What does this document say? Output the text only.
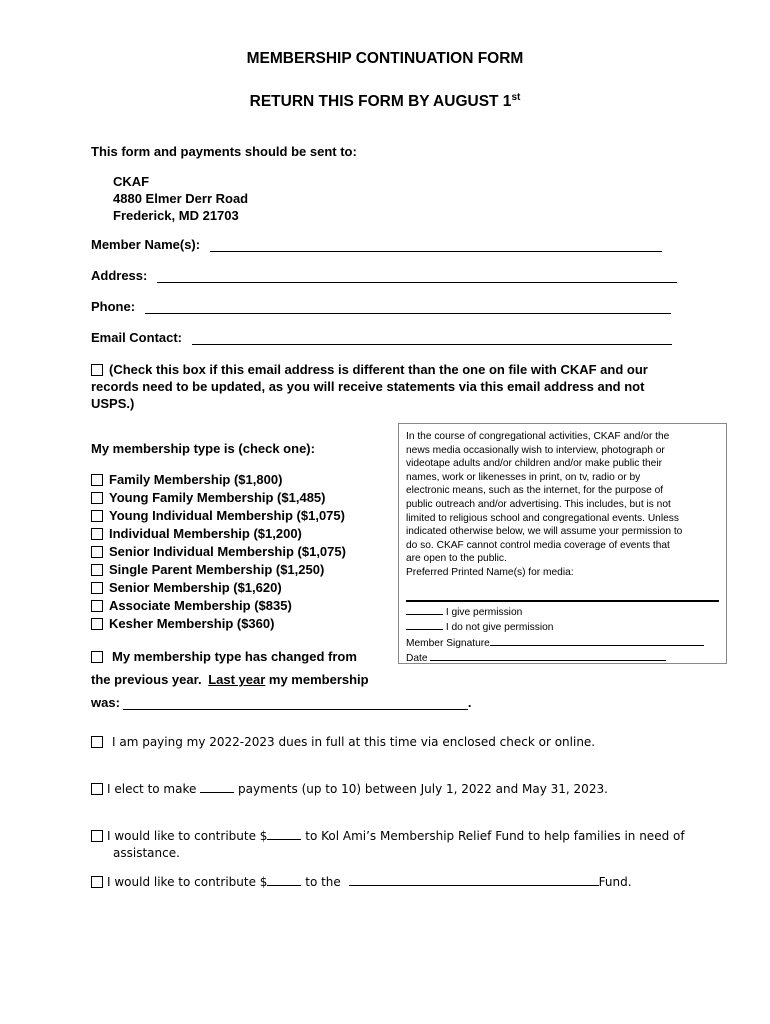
MEMBERSHIP CONTINUATION FORM
RETURN THIS FORM BY AUGUST 1st
This form and payments should be sent to:
CKAF
4880 Elmer Derr Road
Frederick, MD 21703
Member Name(s):
Address:
Phone:
Email Contact:
(Check this box if this email address is different than the one on file with CKAF and our
records need to be updated, as you will receive statements via this email address and not
USPS.)
My membership type is (check one):
Family Membership ($1,800)
Young Family Membership ($1,485)
Young Individual Membership ($1,075)
Individual Membership ($1,200)
Senior Individual Membership ($1,075)
Single Parent Membership ($1,250)
Senior Membership ($1,620)
Associate Membership ($835)
Kesher Membership ($360)
My membership type has changed from
the previous year. Last year my membership
was:	.
In the course of congregational activities, CKAF and/or the
news media occasionally wish to interview, photograph or
videotape adults and/or children and/or make public their
names, work or likenesses in print, on tv, radio or by
electronic means, such as the internet, for the purpose of
public outreach and/or advertising. This includes, but is not
limited to religious school and congregational events. Unless
indicated otherwise below, we will assume your permission to
do so. CKAF cannot control media coverage of events that
are open to the public.
Preferred Printed Name(s) for media:
I give permission
I do not give permission
Member Signature
Date
I am paying my 2022-2023 dues in full at this time via enclosed check or online.
I elect to make	payments (up to 10) between July 1, 2022 and May 31, 2023.
I would like to contribute $	to Kol Ami’s Membership Relief Fund to help families in need of
assistance.
I would like to contribute $	to the	Fund.
